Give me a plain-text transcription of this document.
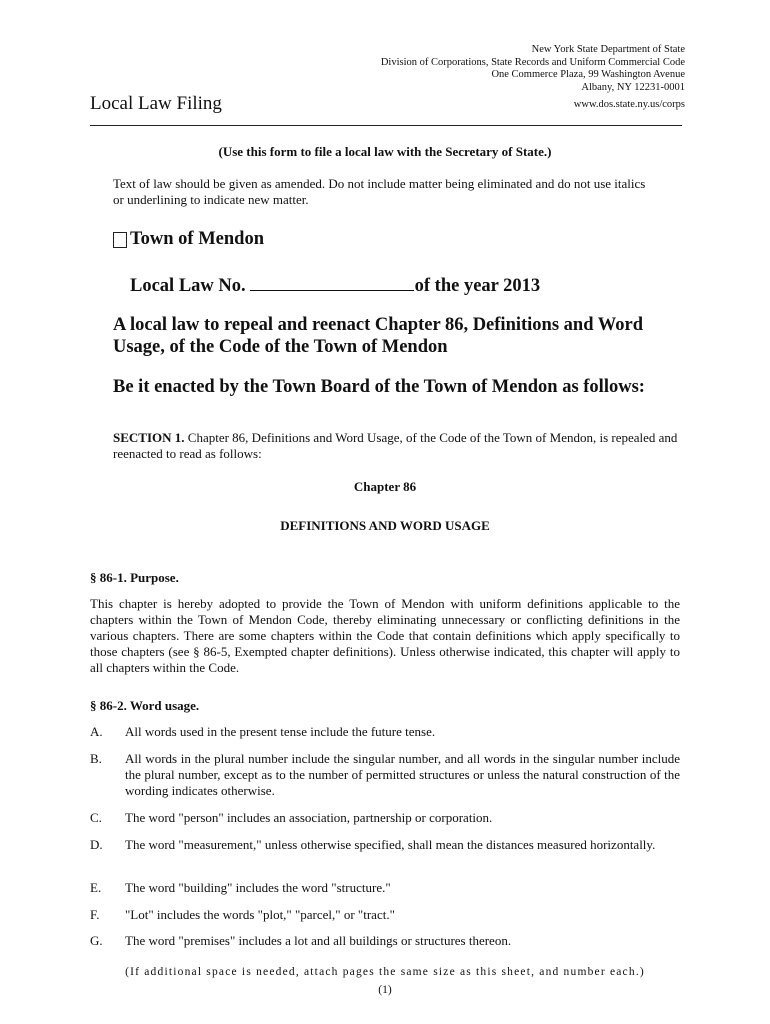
New York State Department of State
Division of Corporations, State Records and Uniform Commercial Code
One Commerce Plaza, 99 Washington Avenue
Albany, NY 12231-0001
Local Law Filing	www.dos.state.ny.us/corps
(Use this form to file a local law with the Secretary of State.)
Text of law should be given as amended. Do not include matter being eliminated and do not use italics or underlining to indicate new matter.
Town of Mendon
Local Law No.	of the year 2013
A local law to repeal and reenact Chapter 86, Definitions and Word Usage, of the Code of the Town of Mendon
Be it enacted by the Town Board of the Town of Mendon as follows:
SECTION 1. Chapter 86, Definitions and Word Usage, of the Code of the Town of Mendon, is repealed and reenacted to read as follows:
Chapter 86
DEFINITIONS AND WORD USAGE
§ 86-1. Purpose.
This chapter is hereby adopted to provide the Town of Mendon with uniform definitions applicable to the chapters within the Town of Mendon Code, thereby eliminating unnecessary or conflicting definitions in the various chapters. There are some chapters within the Code that contain definitions which apply specifically to those chapters (see § 86-5, Exempted chapter definitions). Unless otherwise indicated, this chapter will apply to all chapters within the Code.
§ 86-2. Word usage.
A. All words used in the present tense include the future tense.
B. All words in the plural number include the singular number, and all words in the singular number include the plural number, except as to the number of permitted structures or unless the natural construction of the wording indicates otherwise.
C. The word "person" includes an association, partnership or corporation.
D. The word "measurement," unless otherwise specified, shall mean the distances measured horizontally.
E. The word "building" includes the word "structure."
F. "Lot" includes the words "plot," "parcel," or "tract."
G. The word "premises" includes a lot and all buildings or structures thereon.
(If additional space is needed, attach pages the same size as this sheet, and number each.)
(1)
